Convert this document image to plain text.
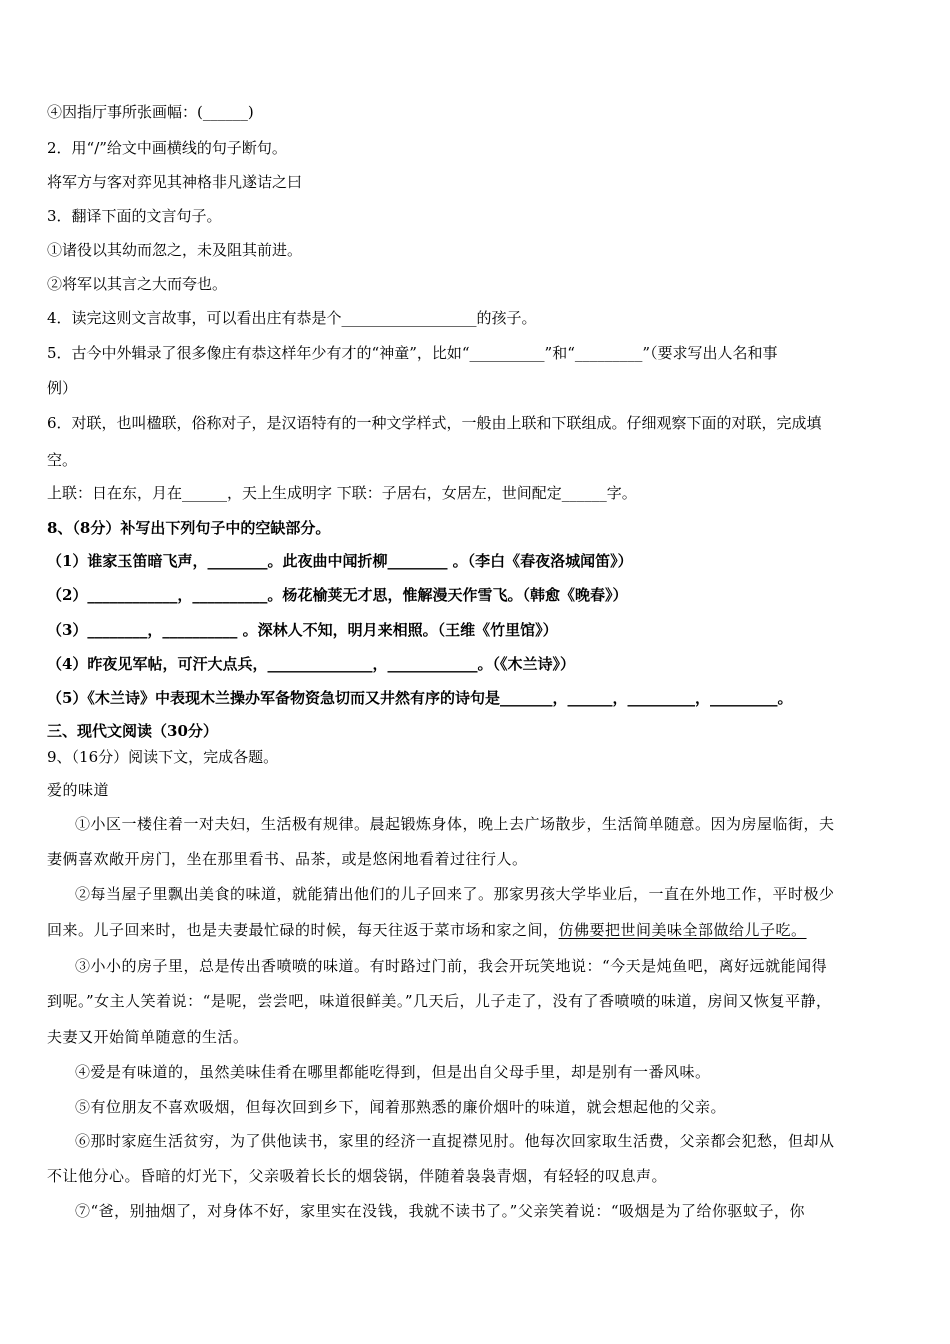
④因指厅事所张画幅：(______)
2．用“/”给文中画横线的句子断句。
将军方与客对弈见其神格非凡遂诘之曰
3．翻译下面的文言句子。
①诸役以其幼而忽之，未及阻其前进。
②将军以其言之大而夸也。
4．读完这则文言故事，可以看出庄有恭是个__________________的孩子。
5．古今中外辑录了很多像庄有恭这样年少有才的“神童”，比如“__________”和“_________”（要求写出人名和事
例）
6．对联，也叫楹联，俗称对子，是汉语特有的一种文学样式，一般由上联和下联组成。仔细观察下面的对联，完成填
空。
上联：日在东，月在______，天上生成明字 下联：子居右，女居左，世间配定______字。
8、（8分）补写出下列句子中的空缺部分。
（1）谁家玉笛暗飞声，________。此夜曲中闻折柳________ 。（李白《春夜洛城闻笛》）
（2）____________，__________。杨花榆荚无才思，惟解漫天作雪飞。（韩愈《晚春》）
（3）________，__________ 。深林人不知，明月来相照。（王维《竹里馆》）
（4）昨夜见军帖，可汗大点兵，______________，____________。（《木兰诗》）
（5）《木兰诗》中表现木兰操办军备物资急切而又井然有序的诗句是_______，______，_________，_________。
三、现代文阅读（30分）
9、（16分）阅读下文，完成各题。
爱的味道
①小区一楼住着一对夫妇，生活极有规律。晨起锻炼身体，晚上去广场散步，生活简单随意。因为房屋临街，夫
妻俩喜欢敞开房门，坐在那里看书、品茶，或是悠闲地看着过往行人。
②每当屋子里飘出美食的味道，就能猜出他们的儿子回来了。那家男孩大学毕业后，一直在外地工作，平时极少
回来。儿子回来时，也是夫妻最忙碌的时候，每天往返于菜市场和家之间，仿佛要把世间美味全部做给儿子吃。
③小小的房子里，总是传出香喷喷的味道。有时路过门前，我会开玩笑地说：“今天是炖鱼吧，离好远就能闻得
到呢。”女主人笑着说：“是呢，尝尝吧，味道很鲜美。”几天后，儿子走了，没有了香喷喷的味道，房间又恢复平静，
夫妻又开始简单随意的生活。
④爱是有味道的，虽然美味佳肴在哪里都能吃得到，但是出自父母手里，却是别有一番风味。
⑤有位朋友不喜欢吸烟，但每次回到乡下，闻着那熟悉的廉价烟叶的味道，就会想起他的父亲。
⑥那时家庭生活贫穷，为了供他读书，家里的经济一直捉襟见肘。他每次回家取生活费，父亲都会犯愁，但却从
不让他分心。昏暗的灯光下，父亲吸着长长的烟袋锅，伴随着袅袅青烟，有轻轻的叹息声。
⑦“爸，别抽烟了，对身体不好，家里实在没钱，我就不读书了。”父亲笑着说：“吸烟是为了给你驱蚊子，你
